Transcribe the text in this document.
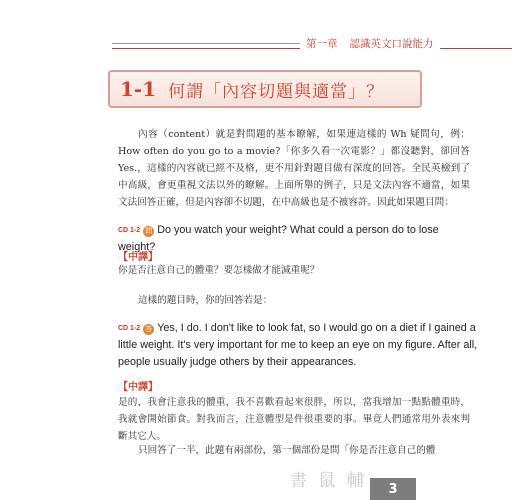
第一章 認識英文口說能力
1-1 何謂「內容切題與適當」？
內容（content）就是對問題的基本瞭解，如果連這樣的 Wh 疑問句，例：How often do you go to a movie?「你多久看一次電影？」都沒聽對，卻回答 Yes.，這樣的內容就已經不及格，更不用針對題目做有深度的回答。全民英檢到了中高級，會更重視文法以外的瞭解。上面所舉的例子，只是文法內容不適當，如果文法回答正確，但是內容卻不切題，在中高級也是不被容許。因此如果題目問：
CD 1-2 問 Do you watch your weight? What could a person do to lose weight?
【中譯】
你是否注意自己的體重？要怎樣做才能減重呢？
這樣的題目時，你的回答若是：
CD 1-2 答 Yes, I do. I don't like to look fat, so I would go on a diet if I gained a little weight. It's very important for me to keep an eye on my figure. After all, people usually judge others by their appearances.
【中譯】
是的，我會注意我的體重，我不喜歡看起來很胖，所以，當我增加一點點體重時，我就會開始節食。對我而言，注意體型是件很重要的事。畢竟人們通常用外表來判斷其它人。
只回答了一半，此題有兩部份，第一個部份是問「你是否注意自己的體
書 鼠 輔	3
